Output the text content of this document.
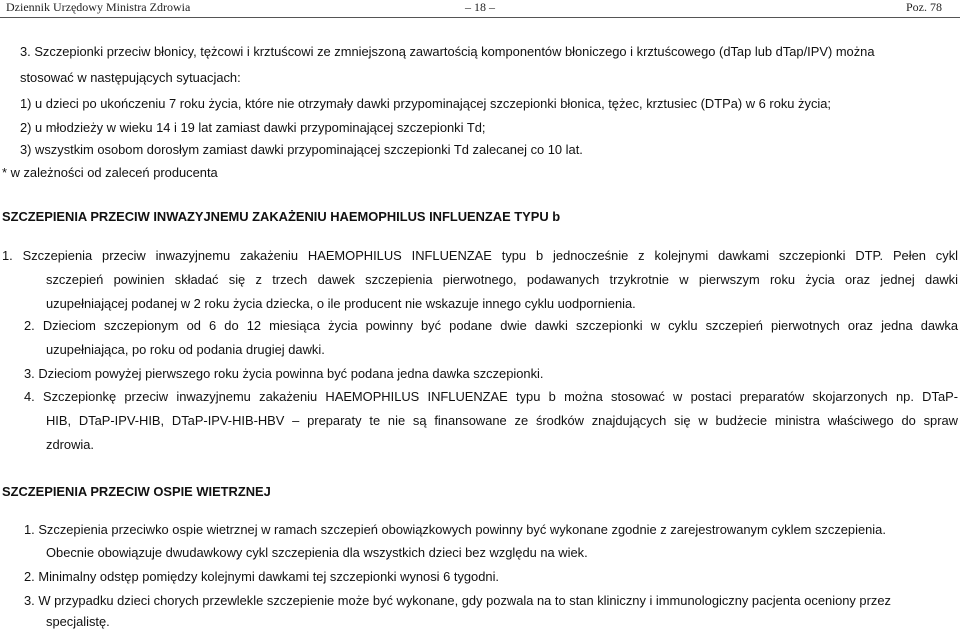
Dziennik Urzędowy Ministra Zdrowia	– 18 –	Poz. 78
3. Szczepionki przeciw błonicy, tężcowi i krztuścowi ze zmniejszoną zawartością komponentów błoniczego i krztuścowego (dTap lub dTap/IPV) można
stosować w następujących sytuacjach:
1) u dzieci po ukończeniu 7 roku życia, które nie otrzymały dawki przypominającej szczepionki błonica, tężec, krztusiec (DTPa) w 6 roku życia;
2) u młodzieży w wieku 14 i 19 lat zamiast dawki przypominającej szczepionki Td;
3) wszystkim osobom dorosłym zamiast dawki przypominającej szczepionki Td zalecanej co 10 lat.
* w zależności od zaleceń producenta
SZCZEPIENIA PRZECIW INWAZYJNEMU ZAKAŻENIU HAEMOPHILUS INFLUENZAE TYPU b
1. Szczepienia przeciw inwazyjnemu zakażeniu HAEMOPHILUS INFLUENZAE typu b jednocześnie z kolejnymi dawkami szczepionki DTP. Pełen cykl
szczepień powinien składać się z trzech dawek szczepienia pierwotnego, podawanych trzykrotnie w pierwszym roku życia oraz jednej dawki
uzupełniającej podanej w 2 roku życia dziecka, o ile producent nie wskazuje innego cyklu uodpornienia.
2. Dzieciom szczepionym od 6 do 12 miesiąca życia powinny być podane dwie dawki szczepionki w cyklu szczepień pierwotnych oraz jedna dawka
uzupełniająca, po roku od podania drugiej dawki.
3. Dzieciom powyżej pierwszego roku życia powinna być podana jedna dawka szczepionki.
4. Szczepionkę przeciw inwazyjnemu zakażeniu HAEMOPHILUS INFLUENZAE typu b można stosować w postaci preparatów skojarzonych np. DTaP-
HIB, DTaP-IPV-HIB, DTaP-IPV-HIB-HBV – preparaty te nie są finansowane ze środków znajdujących się w budżecie ministra właściwego do spraw
zdrowia.
SZCZEPIENIA PRZECIW OSPIE WIETRZNEJ
1. Szczepienia przeciwko ospie wietrznej w ramach szczepień obowiązkowych powinny być wykonane zgodnie z zarejestrowanym cyklem szczepienia.
Obecnie obowiązuje dwudawkowy cykl szczepienia dla wszystkich dzieci bez względu na wiek.
2. Minimalny odstęp pomiędzy kolejnymi dawkami tej szczepionki wynosi 6 tygodni.
3. W przypadku dzieci chorych przewlekle szczepienie może być wykonane, gdy pozwala na to stan kliniczny i immunologiczny pacjenta oceniony przez
specjalistę.
